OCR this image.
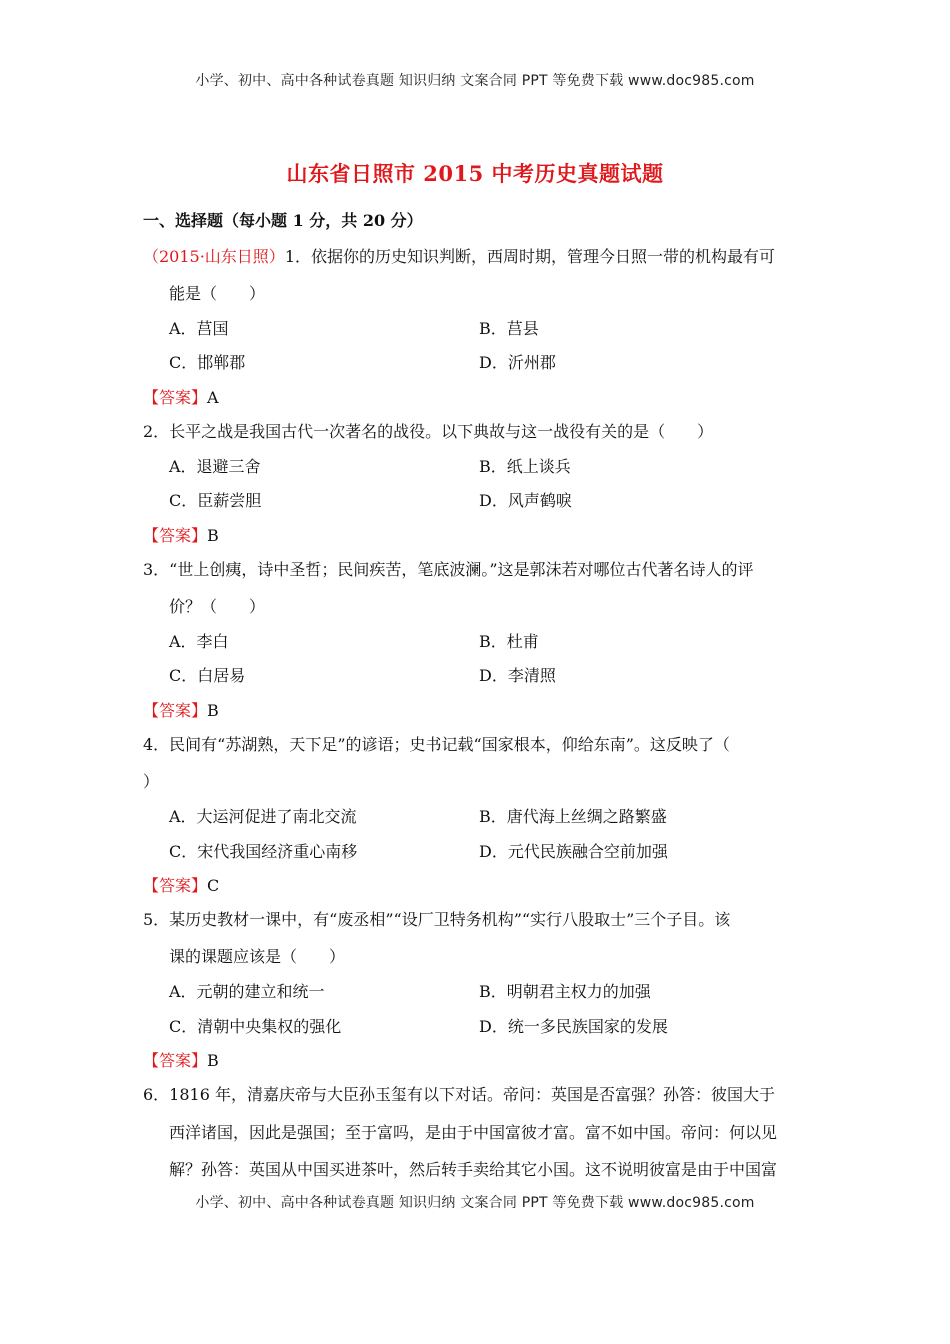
小学、初中、高中各种试卷真题 知识归纳 文案合同 PPT 等免费下载 www.doc985.com
山东省日照市 2015 中考历史真题试题
一、选择题（每小题 1 分，共 20 分）
（2015·山东日照）1．依据你的历史知识判断，西周时期，管理今日照一带的机构最有可
能是（　　）
A．莒国	B．莒县
C．邯郸郡	D．沂州郡
【答案】A
2．长平之战是我国古代一次著名的战役。以下典故与这一战役有关的是（　　）
A．退避三舍	B．纸上谈兵
C．臣薪尝胆	D．风声鹤唳
【答案】B
3．“世上创痍，诗中圣哲；民间疾苦，笔底波澜。”这是郭沫若对哪位古代著名诗人的评
价？（　　）
A．李白	B．杜甫
C．白居易	D．李清照
【答案】B
4．民间有“苏湖熟，天下足”的谚语；史书记载“国家根本，仰给东南”。这反映了（
）
A．大运河促进了南北交流	B．唐代海上丝绸之路繁盛
C．宋代我国经济重心南移	D．元代民族融合空前加强
【答案】C
5．某历史教材一课中，有“废丞相”“设厂卫特务机构”“实行八股取士”三个子目。该
课的课题应该是（　　）
A．元朝的建立和统一	B．明朝君主权力的加强
C．清朝中央集权的强化	D．统一多民族国家的发展
【答案】B
6．1816 年，清嘉庆帝与大臣孙玉玺有以下对话。帝问：英国是否富强？孙答：彼国大于
西洋诸国，因此是强国；至于富吗，是由于中国富彼才富。富不如中国。帝问：何以见
解？孙答：英国从中国买进茶叶，然后转手卖给其它小国。这不说明彼富是由于中国富
小学、初中、高中各种试卷真题 知识归纳 文案合同 PPT 等免费下载 www.doc985.com
